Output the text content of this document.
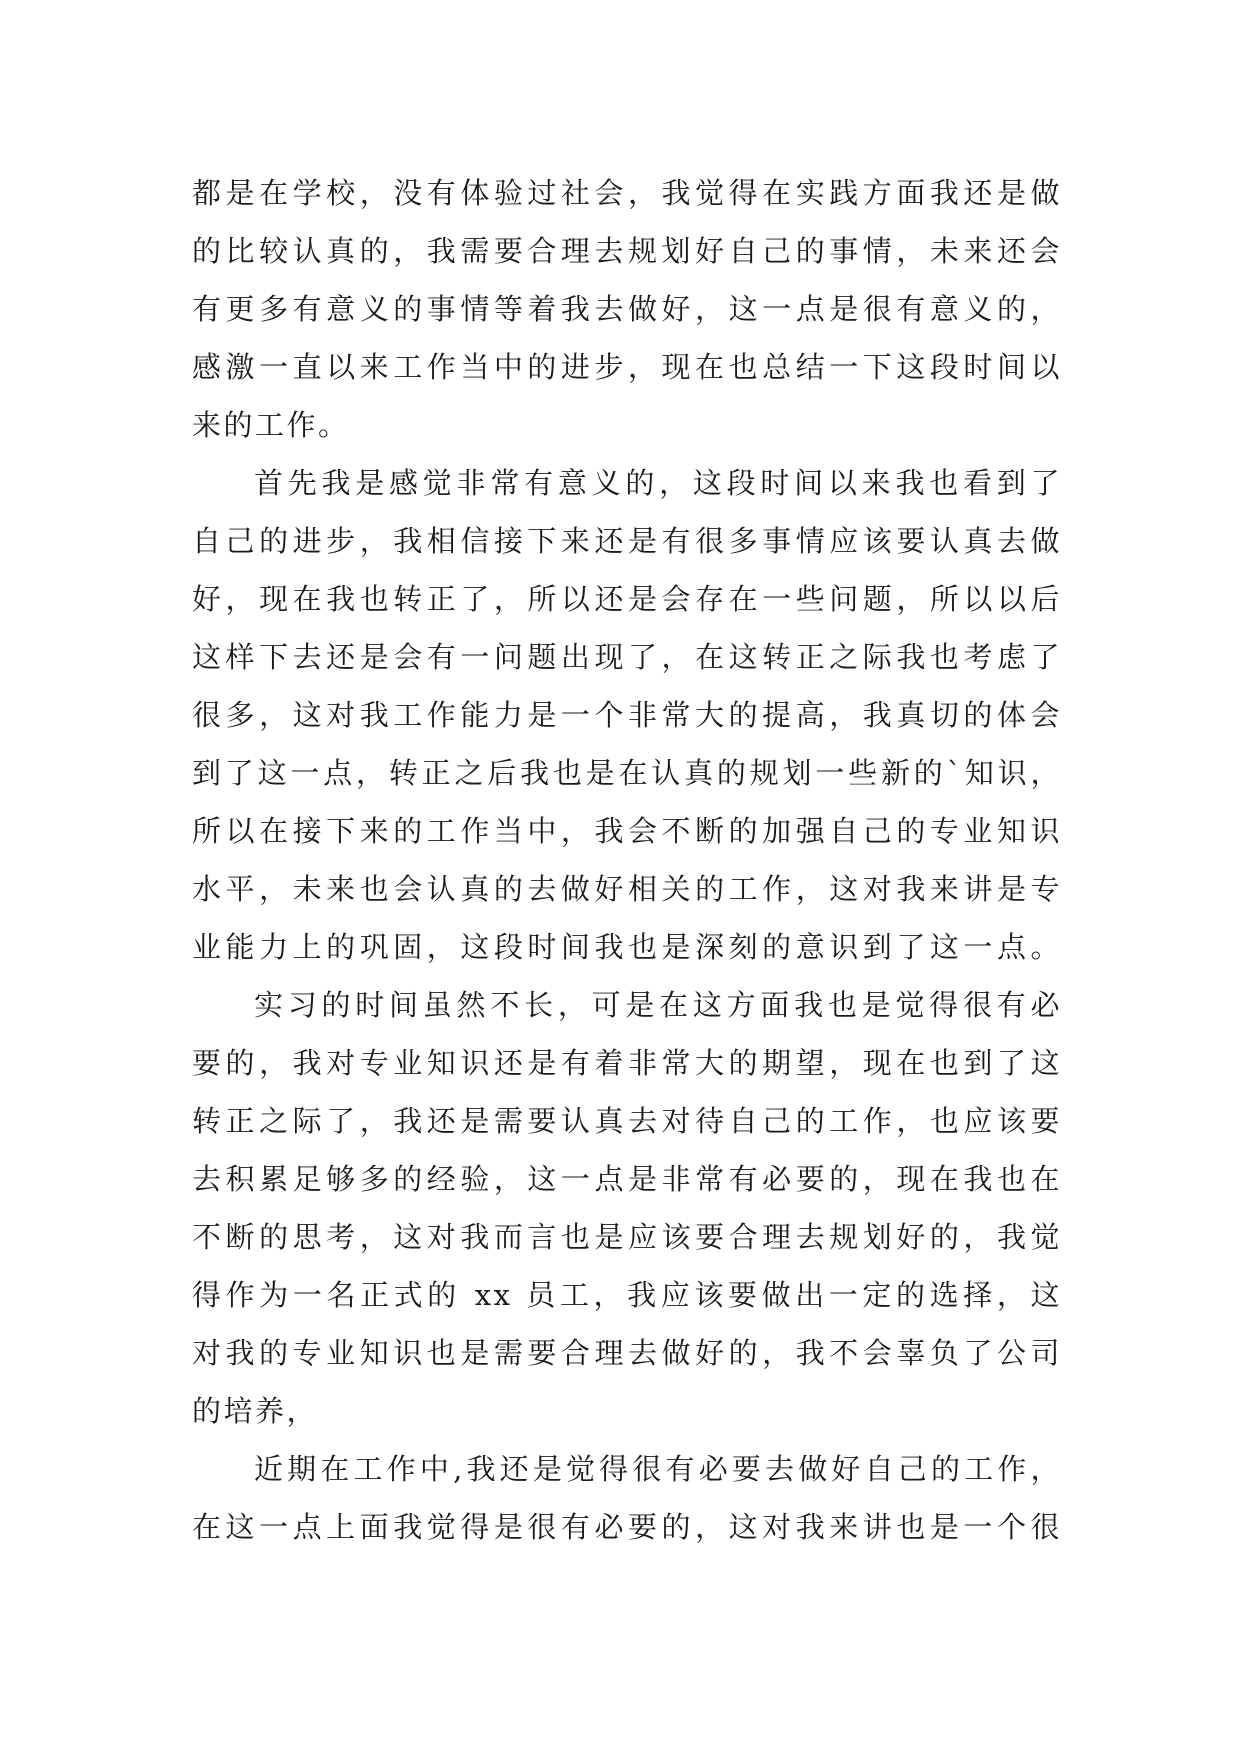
都是在学校，没有体验过社会，我觉得在实践方面我还是做
的比较认真的，我需要合理去规划好自己的事情，未来还会
有更多有意义的事情等着我去做好，这一点是很有意义的，
感激一直以来工作当中的进步，现在也总结一下这段时间以
来的工作。
首先我是感觉非常有意义的，这段时间以来我也看到了
自己的进步，我相信接下来还是有很多事情应该要认真去做
好，现在我也转正了，所以还是会存在一些问题，所以以后
这样下去还是会有一问题出现了，在这转正之际我也考虑了
很多，这对我工作能力是一个非常大的提高，我真切的体会
到了这一点，转正之后我也是在认真的规划一些新的`知识，
所以在接下来的工作当中，我会不断的加强自己的专业知识
水平，未来也会认真的去做好相关的工作，这对我来讲是专
业能力上的巩固，这段时间我也是深刻的意识到了这一点。
实习的时间虽然不长，可是在这方面我也是觉得很有必
要的，我对专业知识还是有着非常大的期望，现在也到了这
转正之际了，我还是需要认真去对待自己的工作，也应该要
去积累足够多的经验，这一点是非常有必要的，现在我也在
不断的思考，这对我而言也是应该要合理去规划好的，我觉
得作为一名正式的 xx 员工，我应该要做出一定的选择，这
对我的专业知识也是需要合理去做好的，我不会辜负了公司
的培养，
近期在工作中,我还是觉得很有必要去做好自己的工作，
在这一点上面我觉得是很有必要的，这对我来讲也是一个很
